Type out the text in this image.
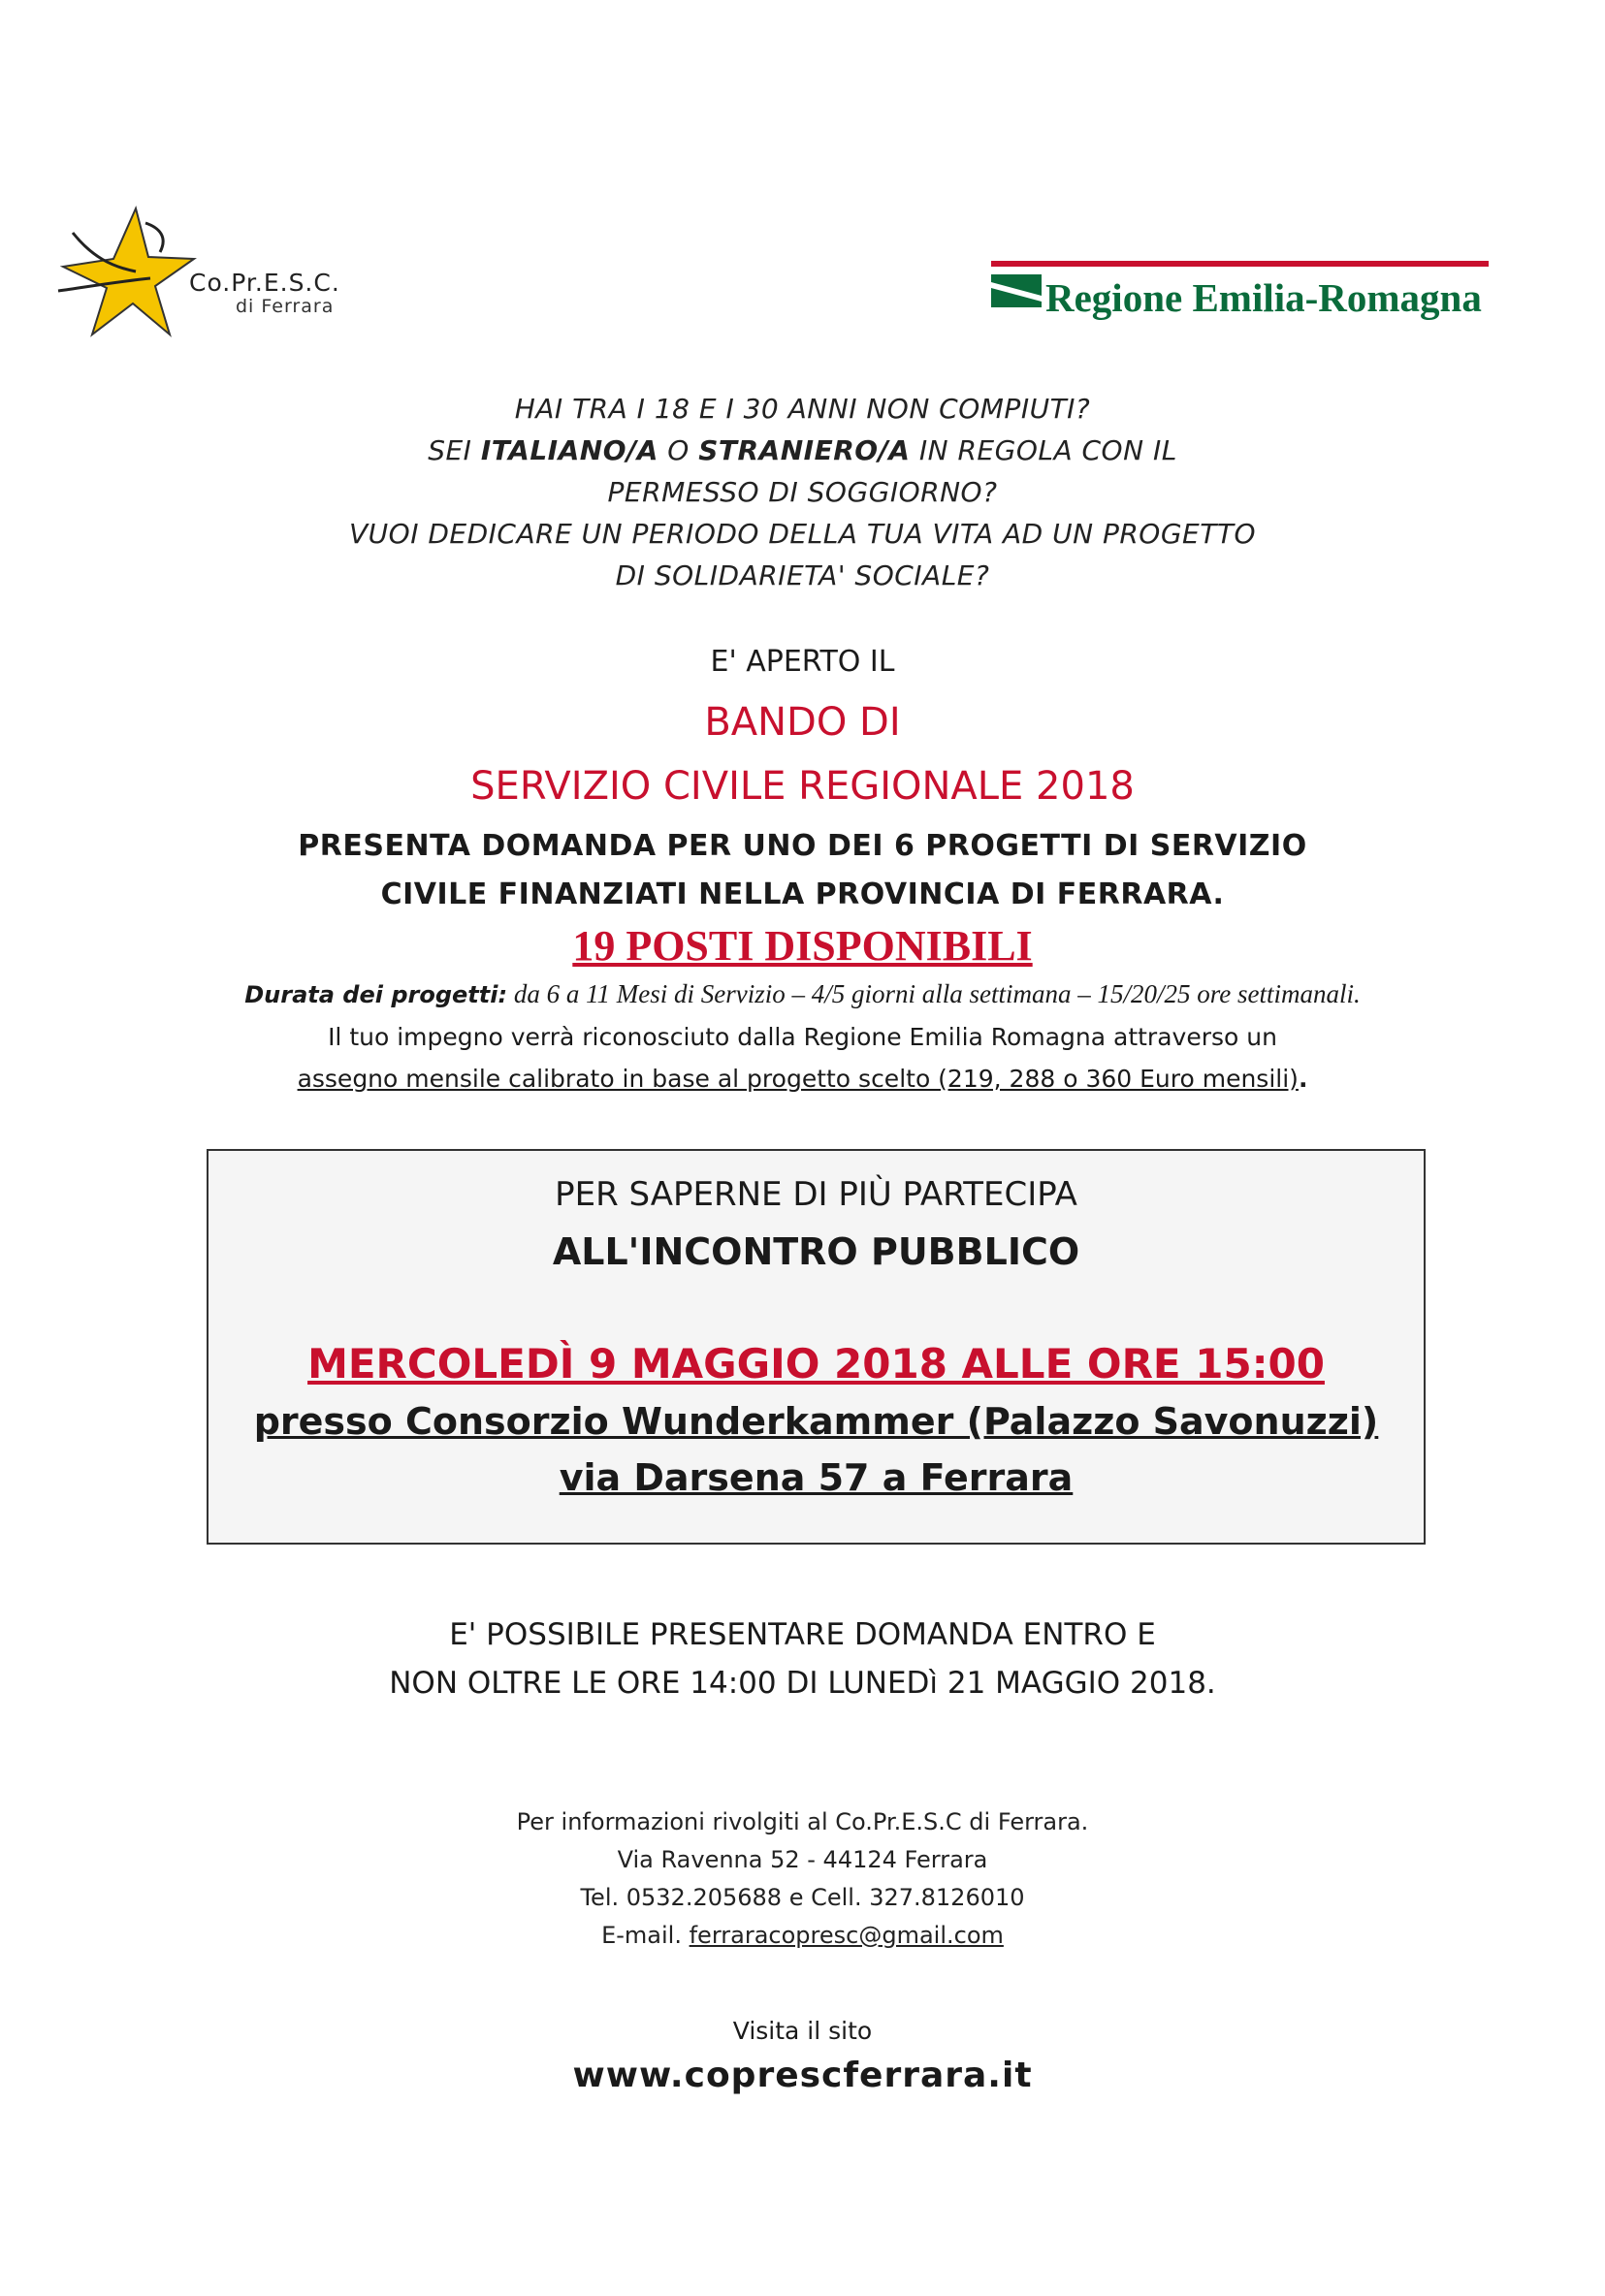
Co.Pr.E.S.C.
di Ferrara	Regione Emilia-Romagna
HAI TRA I 18 E I 30 ANNI NON COMPIUTI?
SEI ITALIANO/A O STRANIERO/A IN REGOLA CON IL
PERMESSO DI SOGGIORNO?
VUOI DEDICARE UN PERIODO DELLA TUA VITA AD UN PROGETTO
DI SOLIDARIETA' SOCIALE?
E' APERTO IL
BANDO DI
SERVIZIO CIVILE REGIONALE 2018
PRESENTA DOMANDA PER UNO DEI 6 PROGETTI DI SERVIZIO
CIVILE FINANZIATI NELLA PROVINCIA DI FERRARA.
19 POSTI DISPONIBILI
Durata dei progetti: da 6 a 11 Mesi di Servizio – 4/5 giorni alla settimana – 15/20/25 ore settimanali.
Il tuo impegno verrà riconosciuto dalla Regione Emilia Romagna attraverso un
assegno mensile calibrato in base al progetto scelto (219, 288 o 360 Euro mensili).
PER SAPERNE DI PIÙ PARTECIPA
ALL'INCONTRO PUBBLICO
MERCOLEDÌ 9 MAGGIO 2018 ALLE ORE 15:00
presso Consorzio Wunderkammer (Palazzo Savonuzzi)
via Darsena 57 a Ferrara
E' POSSIBILE PRESENTARE DOMANDA ENTRO E
NON OLTRE LE ORE 14:00 DI LUNEDì 21 MAGGIO 2018.
Per informazioni rivolgiti al Co.Pr.E.S.C di Ferrara.
Via Ravenna 52 - 44124 Ferrara
Tel. 0532.205688 e Cell. 327.8126010
E-mail. ferraracopresc@gmail.com
Visita il sito
www.coprescferrara.it
